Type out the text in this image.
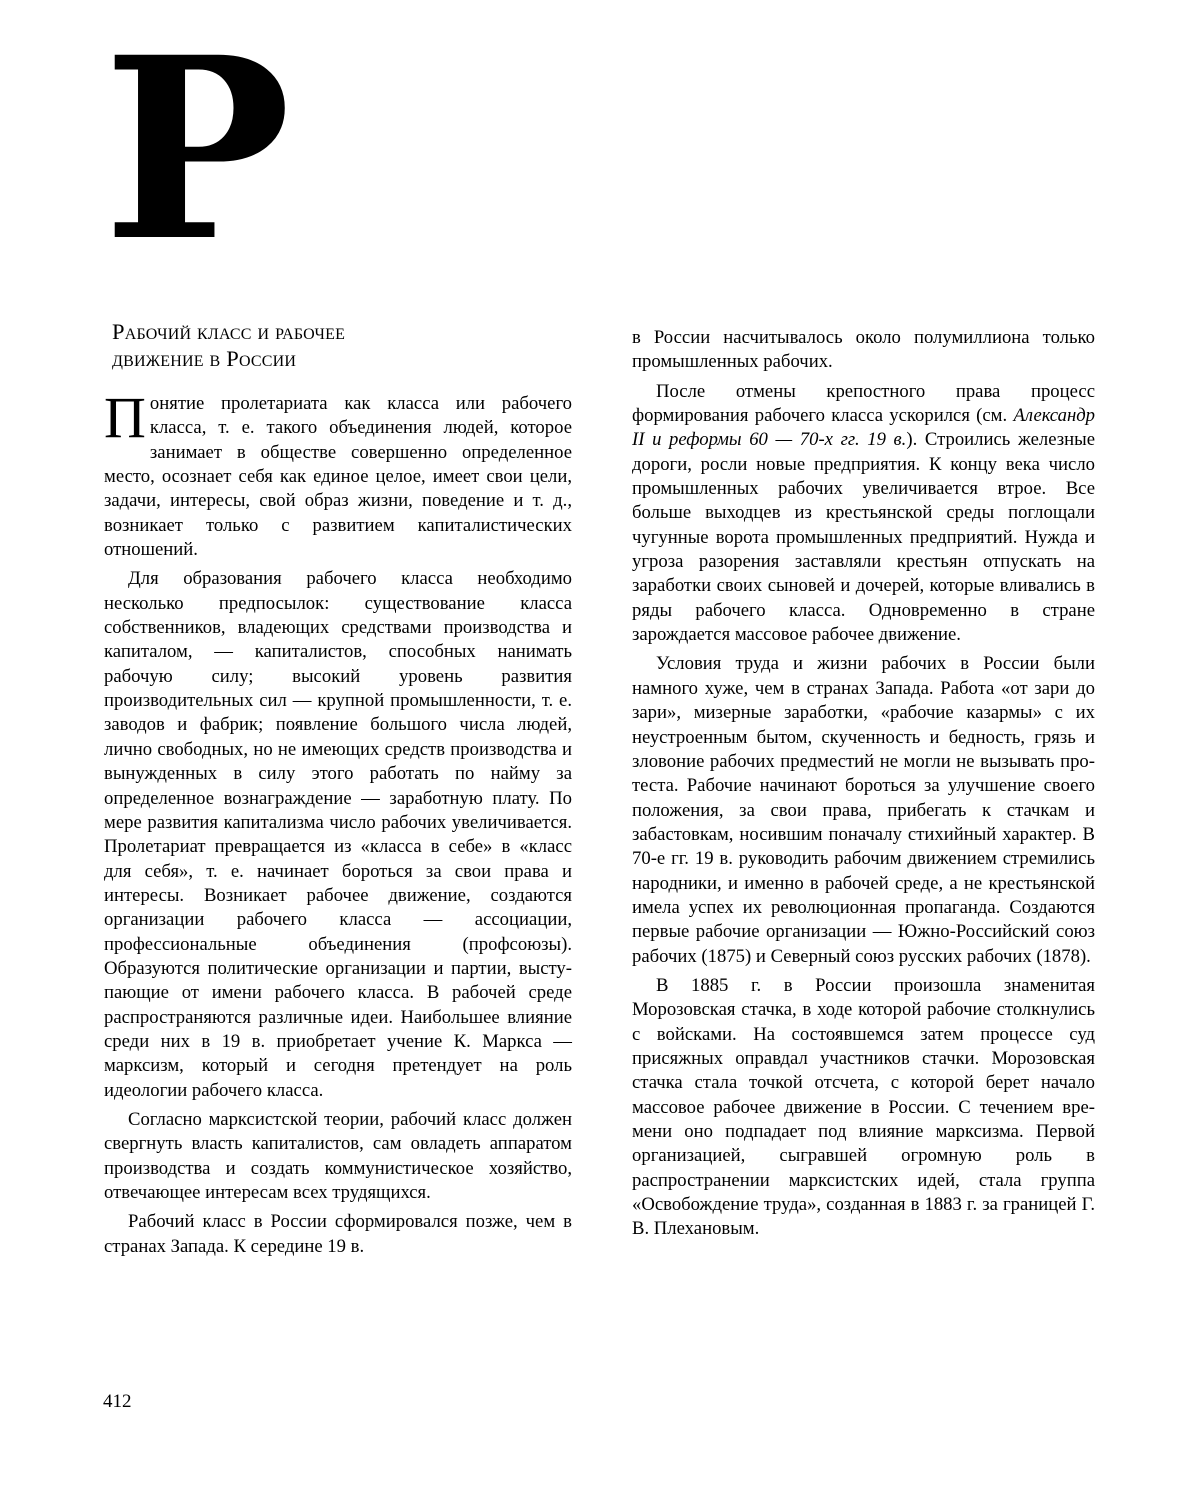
Р
Рабочий класс и рабочее
движение в России

Понятие пролетариата как класса или рабочего класса, т. е. такого объединения людей, которое занимает в обществе совершенно определенное место, осознает себя как единое целое, имеет свои цели, задачи, интересы, свой образ жизни, поведение и т. д., возникает только с развитием капиталистических отношений.

Для образования рабочего класса необходимо несколько предпосылок: существование класса собственников, владеющих средствами производства и капиталом, — капиталистов, способных нанимать рабочую силу; высокий уровень развития производительных сил — крупной промышленности, т. е. заводов и фабрик; появление большого числа людей, лично свободных, но не имеющих средств производства и вынужденных в силу этого работать по найму за определенное вознаграждение — заработную плату. По мере развития капитализма число рабочих увеличивается. Пролетариат превращается из «класса в себе» в «класс для себя», т. е. начинает бороться за свои права и интересы. Возникает рабочее движение, создаются организации рабочего класса — ассоциации, профессиональные объединения (профсоюзы). Образуются политические организации и партии, выступающие от имени рабочего класса. В рабочей среде распространяются различные идеи. Наибольшее влияние среди них в 19 в. приобретает учение К. Маркса — марксизм, который и сегодня претендует на роль идеологии рабочего класса.

Согласно марксистской теории, рабочий класс должен свергнуть власть капиталистов, сам овладеть аппаратом производства и создать коммунистическое хозяйство, отвечающее интересам всех трудящихся.

Рабочий класс в России сформировался позже, чем в странах Запада. К середине 19 в.

в России насчитывалось около полумиллиона только промышленных рабочих.

После отмены крепостного права процесс формирования рабочего класса ускорился (см. Александр II и реформы 60 — 70-х гг. 19 в.). Строились железные дороги, росли новые предприятия. К концу века число промышленных рабочих увеличивается втрое. Все больше выходцев из крестьянской среды поглощали чугунные ворота промышленных предприятий. Нужда и угроза разорения заставляли крестьян отпускать на заработки своих сыновей и дочерей, которые вливались в ряды рабочего класса. Одновременно в стране зарождается массовое рабочее движение.

Условия труда и жизни рабочих в России были намного хуже, чем в странах Запада. Работа «от зари до зари», мизерные заработки, «рабочие казармы» с их неустроенным бытом, скученность и бедность, грязь и зловоние рабочих предместий не могли не вызывать протеста. Рабочие начинают бороться за улучшение своего положения, за свои права, прибегать к стачкам и забастовкам, носившим поначалу стихийный характер. В 70-е гг. 19 в. руководить рабочим движением стремились народники, и именно в рабочей среде, а не крестьянской имела успех их революционная пропаганда. Создаются первые рабочие организации — Южно-Российский союз рабочих (1875) и Северный союз русских рабочих (1878).

В 1885 г. в России произошла знаменитая Морозовская стачка, в ходе которой рабочие столкнулись с войсками. На состоявшемся затем процессе суд присяжных оправдал участников стачки. Морозовская стачка стала точкой отсчета, с которой берет начало массовое рабочее движение в России. С течением времени оно подпадает под влияние марксизма. Первой организацией, сыгравшей огромную роль в распространении марксистских идей, стала группа «Освобождение труда», созданная в 1883 г. за границей Г. В. Плехановым.

412
